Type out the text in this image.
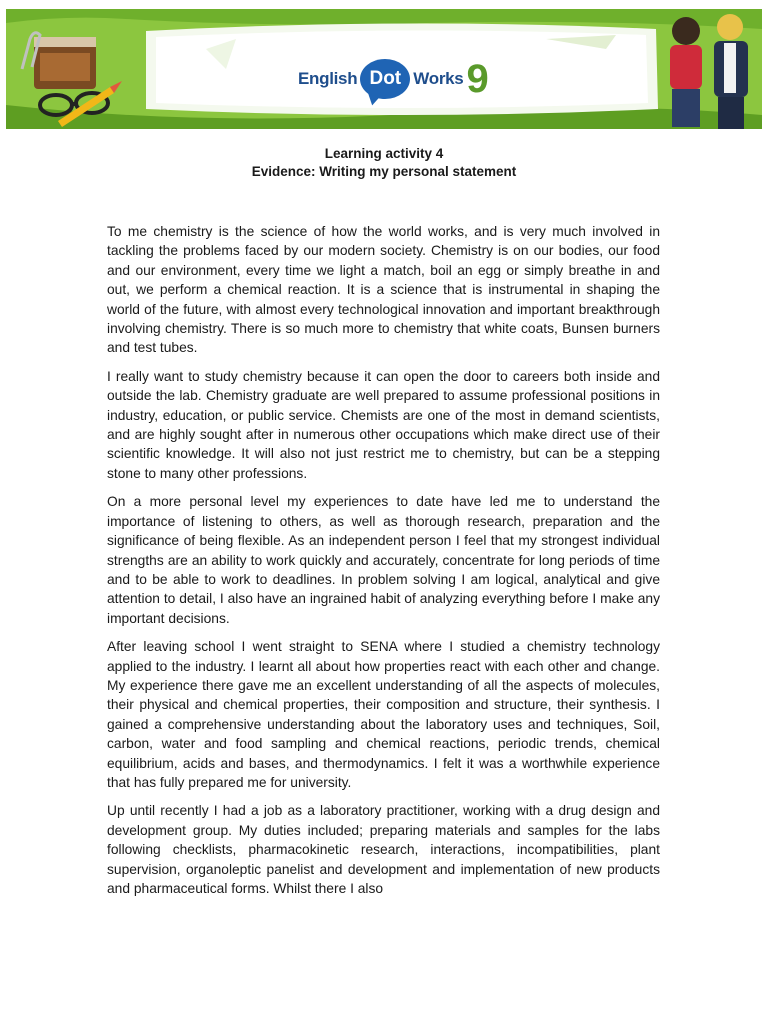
English Dot Works 9
Learning activity 4
Evidence: Writing my personal statement

To me chemistry is the science of how the world works, and is very much involved in tackling the problems faced by our modern society. Chemistry is on our bodies, our food and our environment, every time we light a match, boil an egg or simply breathe in and out, we perform a chemical reaction. It is a science that is instrumental in shaping the world of the future, with almost every technological innovation and important breakthrough involving chemistry. There is so much more to chemistry that white coats, Bunsen burners and test tubes.

I really want to study chemistry because it can open the door to careers both inside and outside the lab. Chemistry graduate are well prepared to assume professional positions in industry, education, or public service. Chemists are one of the most in demand scientists, and are highly sought after in numerous other occupations which make direct use of their scientific knowledge. It will also not just restrict me to chemistry, but can be a stepping stone to many other professions.

On a more personal level my experiences to date have led me to understand the importance of listening to others, as well as thorough research, preparation and the significance of being flexible. As an independent person I feel that my strongest individual strengths are an ability to work quickly and accurately, concentrate for long periods of time and to be able to work to deadlines. In problem solving I am logical, analytical and give attention to detail, I also have an ingrained habit of analyzing everything before I make any important decisions.

After leaving school I went straight to SENA where I studied a chemistry technology applied to the industry. I learnt all about how properties react with each other and change. My experience there gave me an excellent understanding of all the aspects of molecules, their physical and chemical properties, their composition and structure, their synthesis. I gained a comprehensive understanding about the laboratory uses and techniques, Soil, carbon, water and food sampling and chemical reactions, periodic trends, chemical equilibrium, acids and bases, and thermodynamics. I felt it was a worthwhile experience that has fully prepared me for university.

Up until recently I had a job as a laboratory practitioner, working with a drug design and development group. My duties included; preparing materials and samples for the labs following checklists, pharmacokinetic research, interactions, incompatibilities, plant supervision, organoleptic panelist and development and implementation of new products and pharmaceutical forms. Whilst there I also
